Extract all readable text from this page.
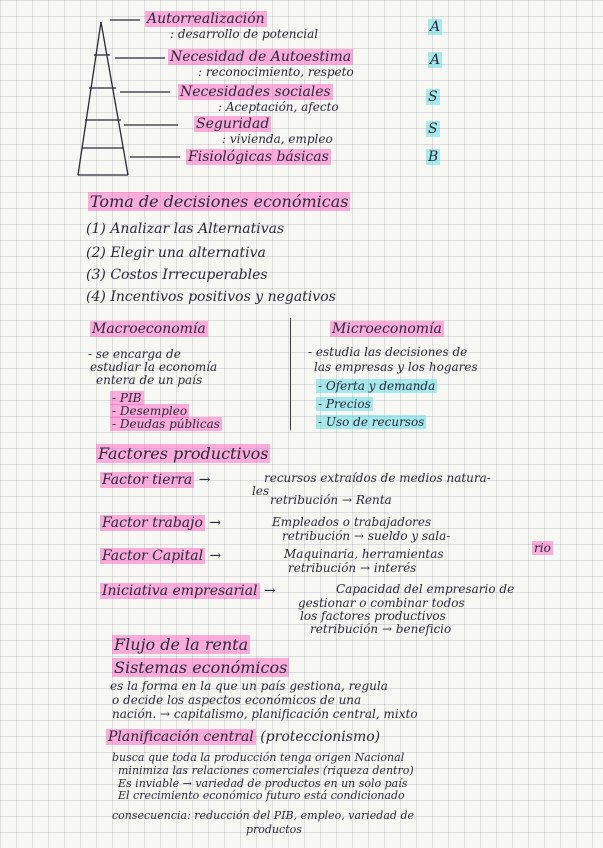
Autorrealización
: desarrollo de potencial	A
Necesidad de Autoestima
: reconocimiento, respeto
A
Necesidades sociales
: Aceptación, afecto
S
Seguridad
: vivienda, empleo
S
Fisiológicas básicas	B
Toma de decisiones económicas
(1) Analizar las Alternativas
(2) Elegir una alternativa
(3) Costos Irrecuperables
(4) Incentivos positivos y negativos
Macroeconomía	Microeconomía
- se encarga de
estudiar la economía
entera de un país
- PIB
- Desempleo
- Deudas públicas
- estudia las decisiones de
las empresas y los hogares
- Oferta y demanda
- Precios
- Uso de recursos
Factores productivos
Factor tierra →	recursos extraídos de medios natura-
les
retribución → Renta
Factor trabajo →	Empleados o trabajadores
retribución → sueldo y sala-
rio
Factor Capital →	Maquinaria, herramientas
retribución → interés
Iniciativa empresarial →	Capacidad del empresario de
gestionar o combinar todos
los factores productivos
retribución → beneficio
Flujo de la renta
Sistemas económicos
es la forma en la que un país gestiona, regula
o decide los aspectos económicos de una
nación. → capitalismo, planificación central, mixto
Planificación central (proteccionismo)
busca que toda la producción tenga origen Nacional
minimiza las relaciones comerciales (riqueza dentro)
Es inviable → variedad de productos en un solo país
El crecimiento económico futuro está condicionado
consecuencia: reducción del PIB, empleo, variedad de
productos
